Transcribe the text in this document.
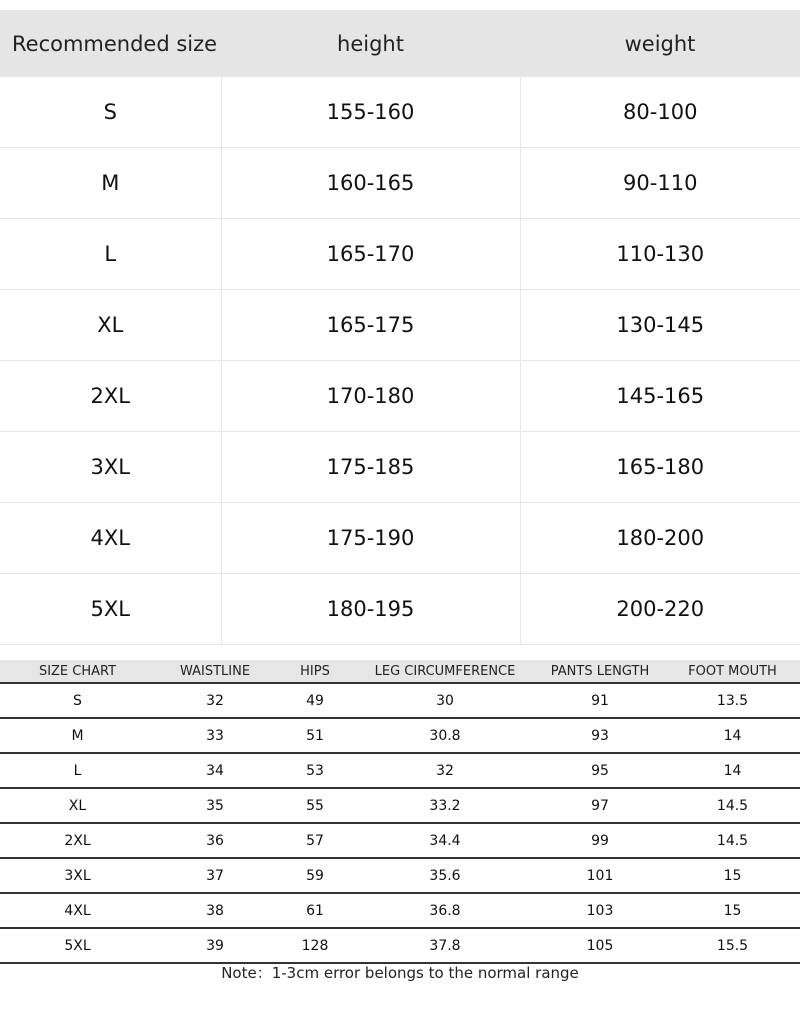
Recommended size	height	weight
S	155-160	80-100
M	160-165	90-110
L	165-170	110-130
XL	165-175	130-145
2XL	170-180	145-165
3XL	175-185	165-180
4XL	175-190	180-200
5XL	180-195	200-220
SIZE CHART	WAISTLINE	HIPS	LEG CIRCUMFERENCE	PANTS LENGTH	FOOT MOUTH
S	32	49	30	91	13.5
M	33	51	30.8	93	14
L	34	53	32	95	14
XL	35	55	33.2	97	14.5
2XL	36	57	34.4	99	14.5
3XL	37	59	35.6	101	15
4XL	38	61	36.8	103	15
5XL	39	128	37.8	105	15.5
Note：1-3cm error belongs to the normal range
